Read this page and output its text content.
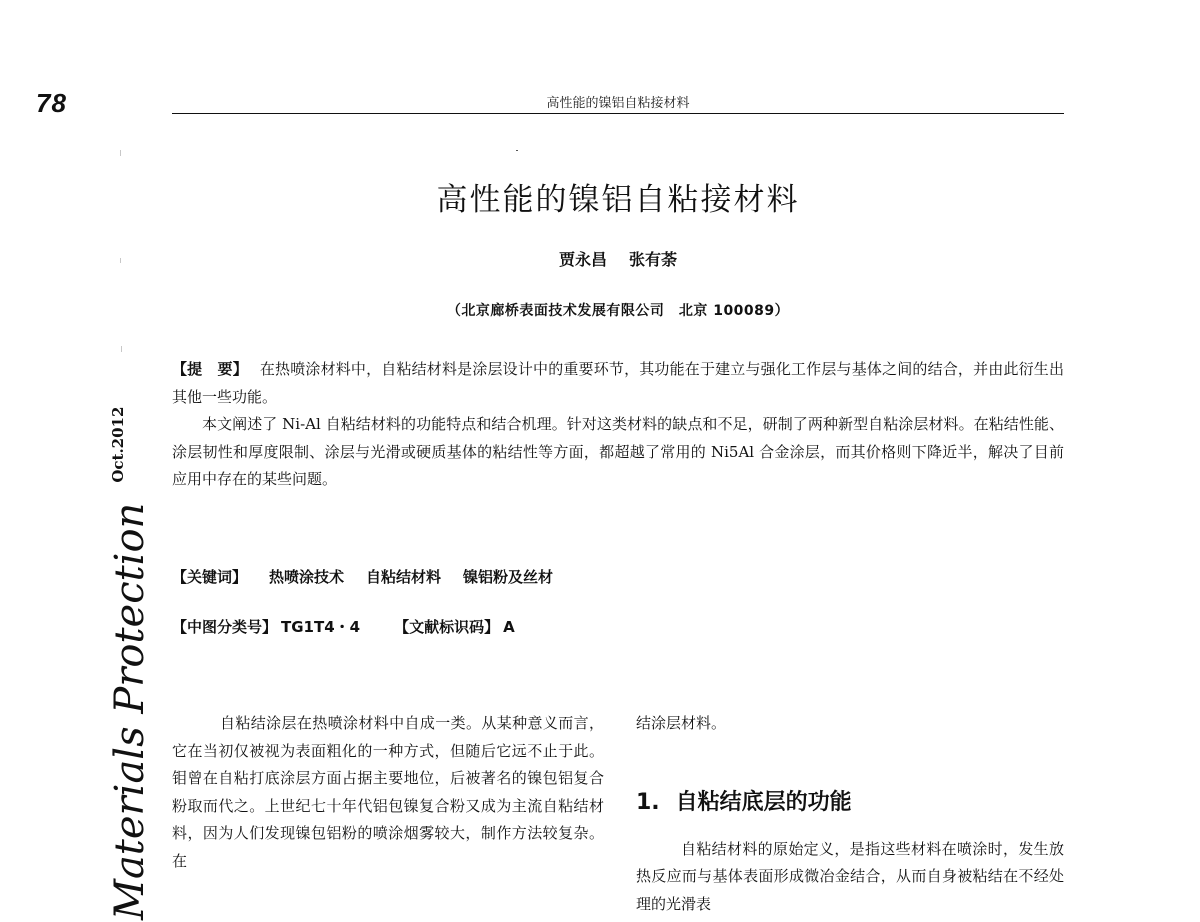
78	高性能的镍铝自粘接材料
高性能的镍铝自粘接材料
贾永昌 张有荼
（北京廊桥表面技术发展有限公司　北京 100089）

【提　要】 在热喷涂材料中，自粘结材料是涂层设计中的重要环节，其功能在于建立与强化工作层与基体之间的结合，并由此衍生出其他一些功能。

本文阐述了 Ni-Al 自粘结材料的功能特点和结合机理。针对这类材料的缺点和不足，研制了两种新型自粘涂层材料。在粘结性能、涂层韧性和厚度限制、涂层与光滑或硬质基体的粘结性等方面，都超越了常用的 Ni5Al 合金涂层，而其价格则下降近半，解决了目前应用中存在的某些问题。

【关键词】 热喷涂技术 自粘结材料 镍铝粉及丝材
【中图分类号】 TG1T4・4 【文献标识码】 A

自粘结涂层在热喷涂材料中自成一类。从某种意义而言，它在当初仅被视为表面粗化的一种方式，但随后它远不止于此。钼曾在自粘打底涂层方面占据主要地位，后被著名的镍包铝复合粉取而代之。上世纪七十年代铝包镍复合粉又成为主流自粘结材料，因为人们发现镍包铝粉的喷涂烟雾较大，制作方法较复杂。在

结涂层材料。

1. 自粘结底层的功能

自粘结材料的原始定义，是指这些材料在喷涂时，发生放热反应而与基体表面形成微冶金结合，从而自身被粘结在不经处理的光滑表

Materials ProtectionOct.2012
